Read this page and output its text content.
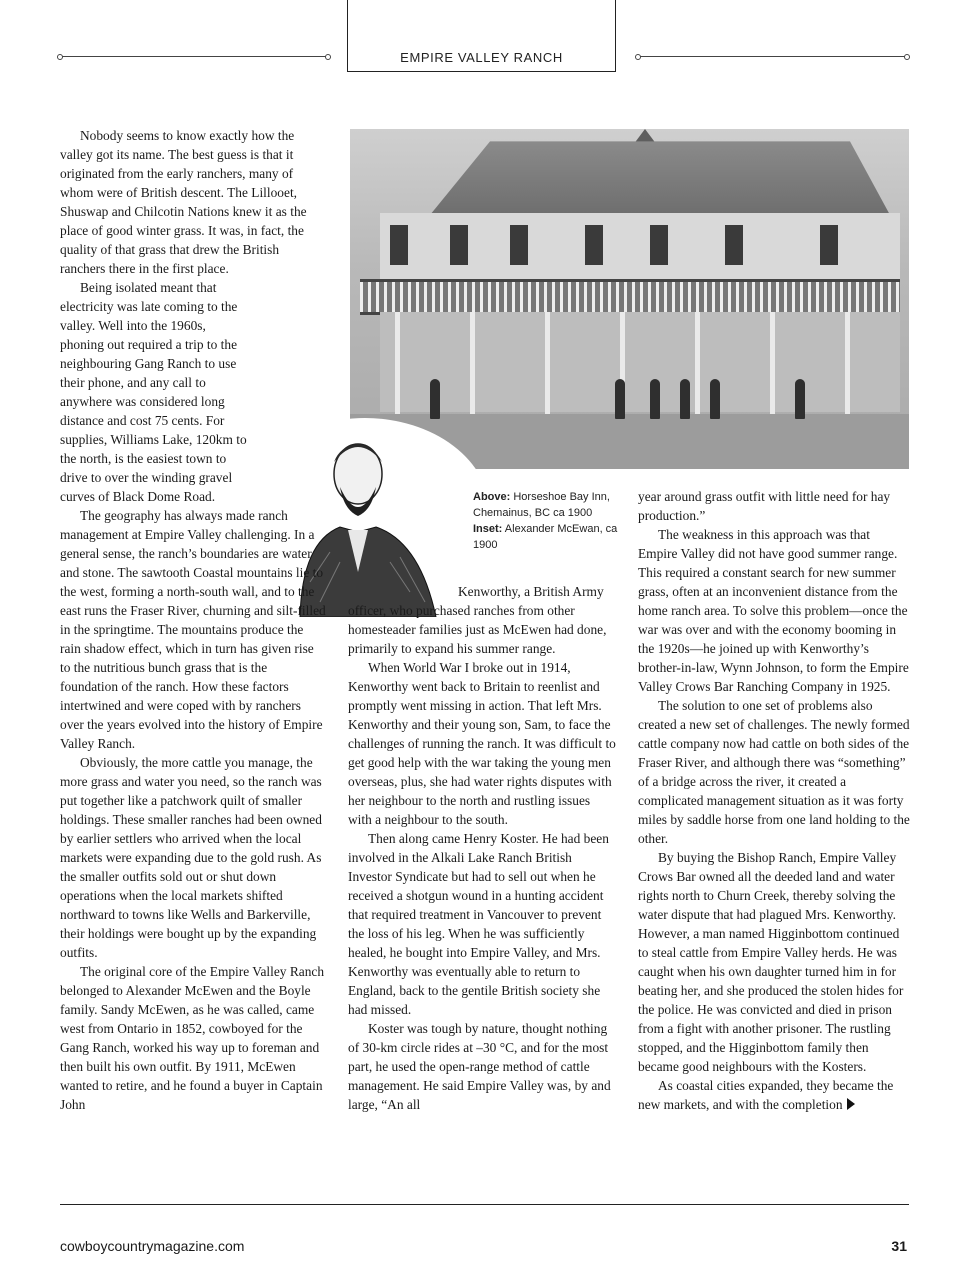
EMPIRE VALLEY RANCH
Above: Horseshoe Bay Inn, Chemainus, BC ca 1900
Inset: Alexander McEwan, ca 1900

Nobody seems to know exactly how the valley got its name. The best guess is that it originated from the early ranchers, many of whom were of British descent. The Lillooet, Shuswap and Chilcotin Nations knew it as the place of good winter grass. It was, in fact, the quality of that grass that drew the British ranchers there in the first place.

Being isolated meant that electricity was late coming to the valley. Well into the 1960s, phoning out required a trip to the neighbouring Gang Ranch to use their phone, and any call to anywhere was considered long distance and cost 75 cents. For supplies, Williams Lake, 120km to the north, is the easiest town to drive to over the winding gravel curves of Black Dome Road.

The geography has always made ranch management at Empire Valley challenging. In a general sense, the ranch’s boundaries are water and stone. The sawtooth Coastal mountains lie to the west, forming a north-south wall, and to the east runs the Fraser River, churning and silt-filled in the springtime. The mountains produce the rain shadow effect, which in turn has given rise to the nutritious bunch grass that is the foundation of the ranch. How these factors intertwined and were coped with by ranchers over the years evolved into the history of Empire Valley Ranch.

Obviously, the more cattle you manage, the more grass and water you need, so the ranch was put together like a patchwork quilt of smaller holdings. These smaller ranches had been owned by earlier settlers who arrived when the local markets were expanding due to the gold rush. As the smaller outfits sold out or shut down operations when the local markets shifted northward to towns like Wells and Barkerville, their holdings were bought up by the expanding outfits.

The original core of the Empire Valley Ranch belonged to Alexander McEwen and the Boyle family. Sandy McEwen, as he was called, came west from Ontario in 1852, cowboyed for the Gang Ranch, worked his way up to foreman and then built his own outfit. By 1911, McEwen wanted to retire, and he found a buyer in Captain John

Kenworthy, a British Army officer, who purchased ranches from other homesteader families just as McEwen had done, primarily to expand his summer range.

When World War I broke out in 1914, Kenworthy went back to Britain to reenlist and promptly went missing in action. That left Mrs. Kenworthy and their young son, Sam, to face the challenges of running the ranch. It was difficult to get good help with the war taking the young men overseas, plus, she had water rights disputes with her neighbour to the north and rustling issues with a neighbour to the south.

Then along came Henry Koster. He had been involved in the Alkali Lake Ranch British Investor Syndicate but had to sell out when he received a shotgun wound in a hunting accident that required treatment in Vancouver to prevent the loss of his leg. When he was sufficiently healed, he bought into Empire Valley, and Mrs. Kenworthy was eventually able to return to England, back to the gentile British society she had missed.

Koster was tough by nature, thought nothing of 30-km circle rides at –30 °C, and for the most part, he used the open-range method of cattle management. He said Empire Valley was, by and large, “An all

year around grass outfit with little need for hay production.”

The weakness in this approach was that Empire Valley did not have good summer range. This required a constant search for new summer grass, often at an inconvenient distance from the home ranch area. To solve this problem—once the war was over and with the economy booming in the 1920s—he joined up with Kenworthy’s brother-in-law, Wynn Johnson, to form the Empire Valley Crows Bar Ranching Company in 1925.

The solution to one set of problems also created a new set of challenges. The newly formed cattle company now had cattle on both sides of the Fraser River, and although there was “something” of a bridge across the river, it created a complicated management situation as it was forty miles by saddle horse from one land holding to the other.

By buying the Bishop Ranch, Empire Valley Crows Bar owned all the deeded land and water rights north to Churn Creek, thereby solving the water dispute that had plagued Mrs. Kenworthy. However, a man named Higginbottom continued to steal cattle from Empire Valley herds. He was caught when his own daughter turned him in for beating her, and she produced the stolen hides for the police. He was convicted and died in prison from a fight with another prisoner. The rustling stopped, and the Higginbottom family then became good neighbours with the Kosters.

As coastal cities expanded, they became the new markets, and with the completion

cowboycountrymagazine.com	31
